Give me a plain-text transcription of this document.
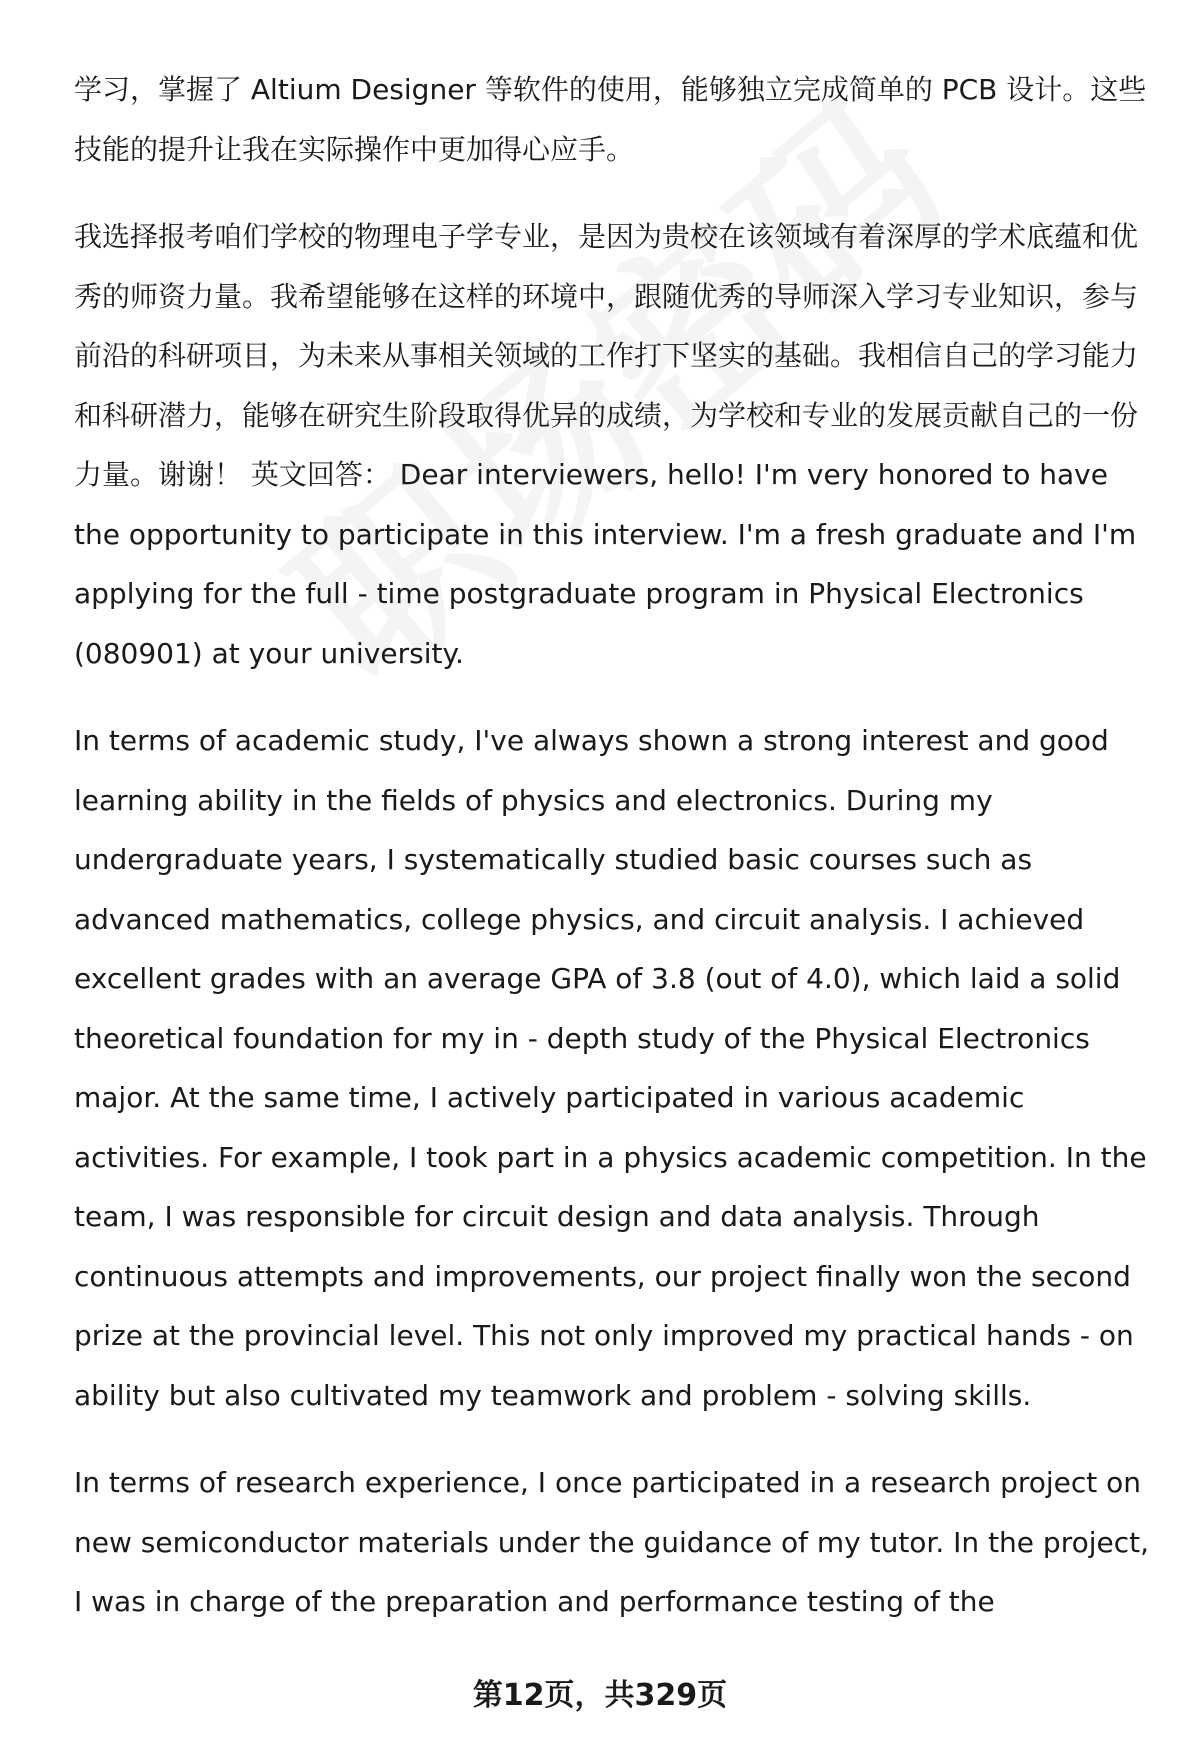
学习，掌握了 Altium Designer 等软件的使用，能够独立完成简单的 PCB 设计。这些技能的提升让我在实际操作中更加得心应手。

我选择报考咱们学校的物理电子学专业，是因为贵校在该领域有着深厚的学术底蕴和优秀的师资力量。我希望能够在这样的环境中，跟随优秀的导师深入学习专业知识，参与前沿的科研项目，为未来从事相关领域的工作打下坚实的基础。我相信自己的学习能力和科研潜力，能够在研究生阶段取得优异的成绩，为学校和专业的发展贡献自己的一份力量。谢谢！ 英文回答： Dear interviewers, hello! I'm very honored to have the opportunity to participate in this interview. I'm a fresh graduate and I'm applying for the full - time postgraduate program in Physical Electronics (080901) at your university.

In terms of academic study, I've always shown a strong interest and good learning ability in the fields of physics and electronics. During my undergraduate years, I systematically studied basic courses such as advanced mathematics, college physics, and circuit analysis. I achieved excellent grades with an average GPA of 3.8 (out of 4.0), which laid a solid theoretical foundation for my in - depth study of the Physical Electronics major. At the same time, I actively participated in various academic activities. For example, I took part in a physics academic competition. In the team, I was responsible for circuit design and data analysis. Through continuous attempts and improvements, our project finally won the second prize at the provincial level. This not only improved my practical hands - on ability but also cultivated my teamwork and problem - solving skills.

In terms of research experience, I once participated in a research project on new semiconductor materials under the guidance of my tutor. In the project, I was in charge of the preparation and performance testing of the

第12页，共329页
